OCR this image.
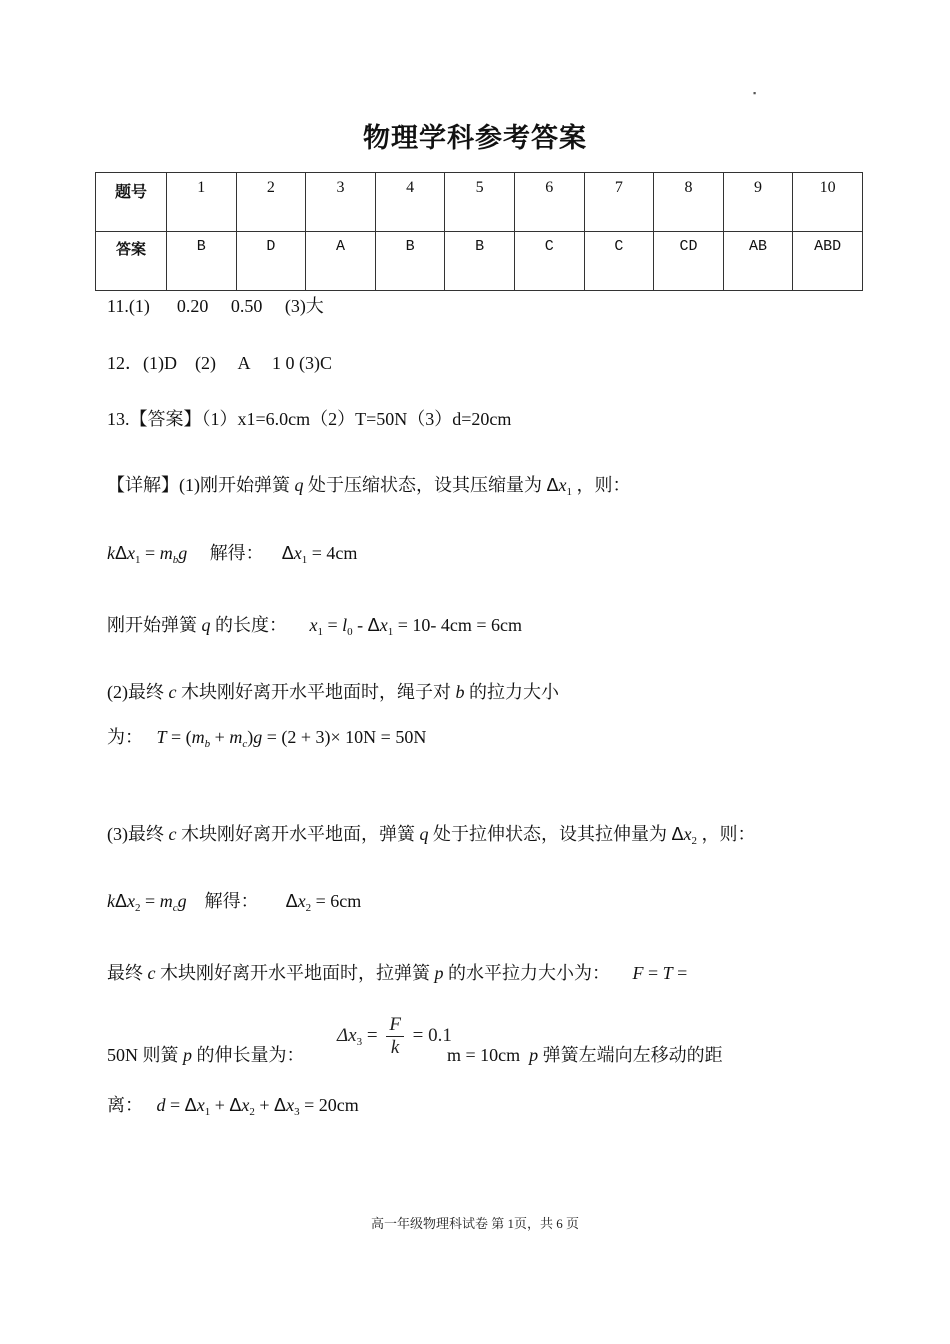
▪
物理学科参考答案
题号	1	2	3	4	5	6	7	8	9	10
答案	B	D	A	B	B	C	C	CD	AB	ABD
11.(1)      0.20     0.50     (3)大
12．(1)D    (2)     A     1 0 (3)C
13.【答案】（1）x1=6.0cm（2）T=50N（3）d=20cm
【详解】(1)刚开始弹簧 q 处于压缩状态，设其压缩量为 $\Delta x_1$ ，则：
$k\Delta x_1 = m_bg$ 解得： $\Delta x_1 = 4cm$
刚开始弹簧 q 的长度： $x_1 = l_0 - \Delta x_1 = 10-$ 4cm = 6cm
(2)最终 c 木块刚好离开水平地面时，绳子对 b 的拉力大小
为： $T = (m_b + m_c)g = (2 + 3)\times 10N = 50N$
(3)最终 c 木块刚好离开水平地面，弹簧 q 处于拉伸状态，设其拉伸量为 $\Delta x_2$ ，则：
$k\Delta x_2 = m_cg$ 解得： $\Delta x_2 = 6cm$
最终 c 木块刚好离开水平地面时，拉弹簧 p 的水平拉力大小为： F = T =
$\Delta x_3 = \frac{F}{k} = 0.1$
50N 则簧 p 的伸长量为：	m = 10cm p 弹簧左端向左移动的距
离： $d = \Delta x_1 + \Delta x_2 + \Delta x_3 = 20cm$
高一年级物理科试卷 第 1页，共 6 页
